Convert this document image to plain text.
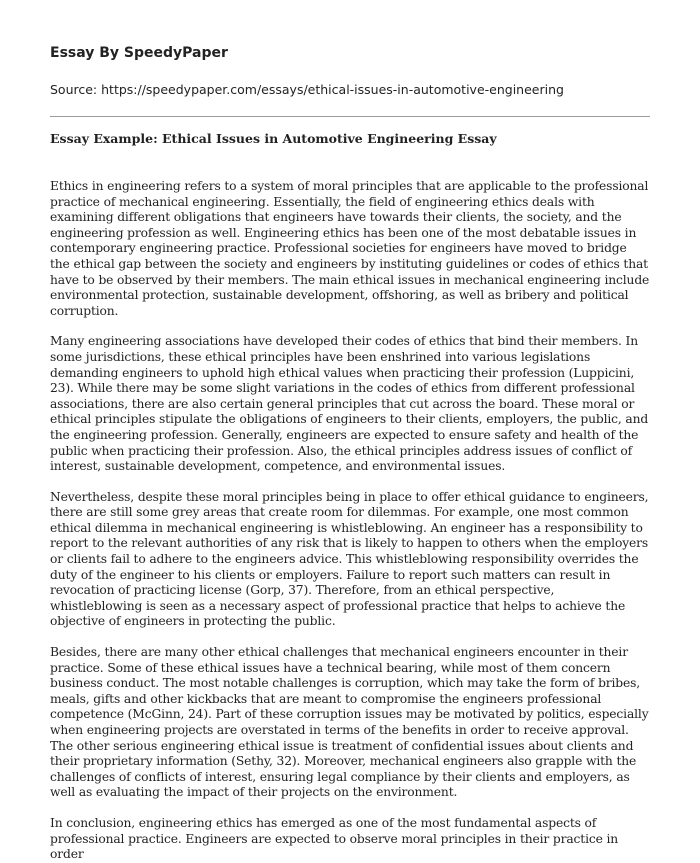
Essay By SpeedyPaper
Source: https://speedypaper.com/essays/ethical-issues-in-automotive-engineering
Essay Example: Ethical Issues in Automotive Engineering Essay

Ethics in engineering refers to a system of moral principles that are applicable to the professional practice of mechanical engineering. Essentially, the field of engineering ethics deals with examining different obligations that engineers have towards their clients, the society, and the engineering profession as well. Engineering ethics has been one of the most debatable issues in contemporary engineering practice. Professional societies for engineers have moved to bridge the ethical gap between the society and engineers by instituting guidelines or codes of ethics that have to be observed by their members. The main ethical issues in mechanical engineering include environmental protection, sustainable development, offshoring, as well as bribery and political corruption.

Many engineering associations have developed their codes of ethics that bind their members. In some jurisdictions, these ethical principles have been enshrined into various legislations demanding engineers to uphold high ethical values when practicing their profession (Luppicini, 23). While there may be some slight variations in the codes of ethics from different professional associations, there are also certain general principles that cut across the board. These moral or ethical principles stipulate the obligations of engineers to their clients, employers, the public, and the engineering profession. Generally, engineers are expected to ensure safety and health of the public when practicing their profession. Also, the ethical principles address issues of conflict of interest, sustainable development, competence, and environmental issues.

Nevertheless, despite these moral principles being in place to offer ethical guidance to engineers, there are still some grey areas that create room for dilemmas. For example, one most common ethical dilemma in mechanical engineering is whistleblowing. An engineer has a responsibility to report to the relevant authorities of any risk that is likely to happen to others when the employers or clients fail to adhere to the engineers advice. This whistleblowing responsibility overrides the duty of the engineer to his clients or employers. Failure to report such matters can result in revocation of practicing license (Gorp, 37). Therefore, from an ethical perspective, whistleblowing is seen as a necessary aspect of professional practice that helps to achieve the objective of engineers in protecting the public.

Besides, there are many other ethical challenges that mechanical engineers encounter in their practice. Some of these ethical issues have a technical bearing, while most of them concern business conduct. The most notable challenges is corruption, which may take the form of bribes, meals, gifts and other kickbacks that are meant to compromise the engineers professional competence (McGinn, 24). Part of these corruption issues may be motivated by politics, especially when engineering projects are overstated in terms of the benefits in order to receive approval. The other serious engineering ethical issue is treatment of confidential issues about clients and their proprietary information (Sethy, 32). Moreover, mechanical engineers also grapple with the challenges of conflicts of interest, ensuring legal compliance by their clients and employers, as well as evaluating the impact of their projects on the environment.

In conclusion, engineering ethics has emerged as one of the most fundamental aspects of professional practice. Engineers are expected to observe moral principles in their practice in order
